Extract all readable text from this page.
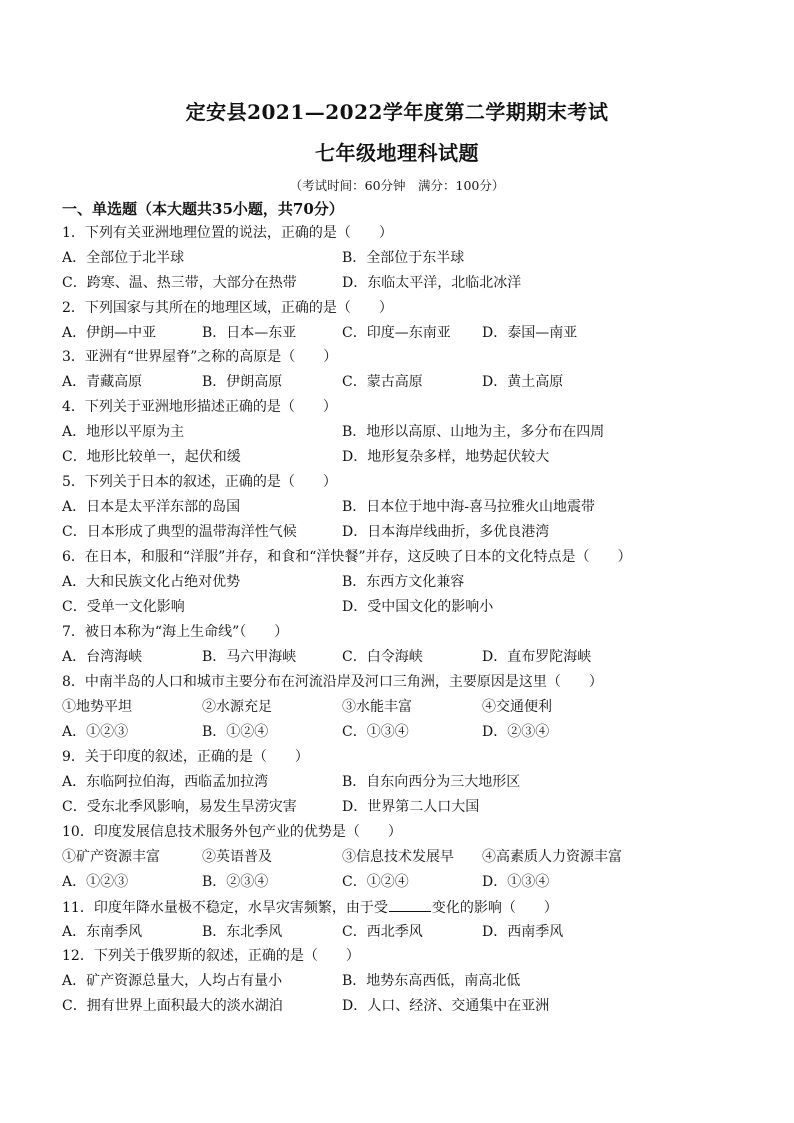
定安县2021—2022学年度第二学期期末考试
七年级地理科试题
（考试时间：60分钟　满分：100分）
一、单选题（本大题共35小题，共70分）
1．下列有关亚洲地理位置的说法，正确的是（　　）
A．全部位于北半球	B．全部位于东半球
C．跨寒、温、热三带，大部分在热带	D．东临太平洋，北临北冰洋
2．下列国家与其所在的地理区域，正确的是（　　）
A．伊朗—中亚	B．日本—东亚	C．印度—东南亚 D．泰国—南亚
3．亚洲有“世界屋脊”之称的高原是（　　）
A．青藏高原	B．伊朗高原	C．蒙古高原	D．黄土高原
4．下列关于亚洲地形描述正确的是（　　）
A．地形以平原为主	B．地形以高原、山地为主，多分布在四周
C．地形比较单一，起伏和缓	D．地形复杂多样，地势起伏较大
5．下列关于日本的叙述，正确的是（　　）
A．日本是太平洋东部的岛国	B．日本位于地中海-喜马拉雅火山地震带
C．日本形成了典型的温带海洋性气候	D．日本海岸线曲折，多优良港湾
6．在日本，和服和“洋服”并存，和食和“洋快餐”并存，这反映了日本的文化特点是（　　）
A．大和民族文化占绝对优势	B．东西方文化兼容
C．受单一文化影响	D．受中国文化的影响小
7．被日本称为“海上生命线”（　　）
A．台湾海峡	B．马六甲海峡	C．白令海峡	D．直布罗陀海峡
8．中南半岛的人口和城市主要分布在河流沿岸及河口三角洲，主要原因是这里（　　）
①地势平坦	②水源充足	③水能丰富	④交通便利
A．①②③	B．①②④	C．①③④	D．②③④
9．关于印度的叙述，正确的是（　　）
A．东临阿拉伯海，西临孟加拉湾	B．自东向西分为三大地形区
C．受东北季风影响，易发生旱涝灾害	D．世界第二人口大国
10．印度发展信息技术服务外包产业的优势是（　　）
①矿产资源丰富	②英语普及	③信息技术发展早 ④高素质人力资源丰富
A．①②③	B．②③④	C．①②④	D．①③④
11．印度年降水量极不稳定，水旱灾害频繁，由于受	变化的影响（　　）
A．东南季风	B．东北季风	C．西北季风	D．西南季风
12．下列关于俄罗斯的叙述，正确的是（　　）
A．矿产资源总量大，人均占有量小	B．地势东高西低，南高北低
C．拥有世界上面积最大的淡水湖泊	D．人口、经济、交通集中在亚洲
